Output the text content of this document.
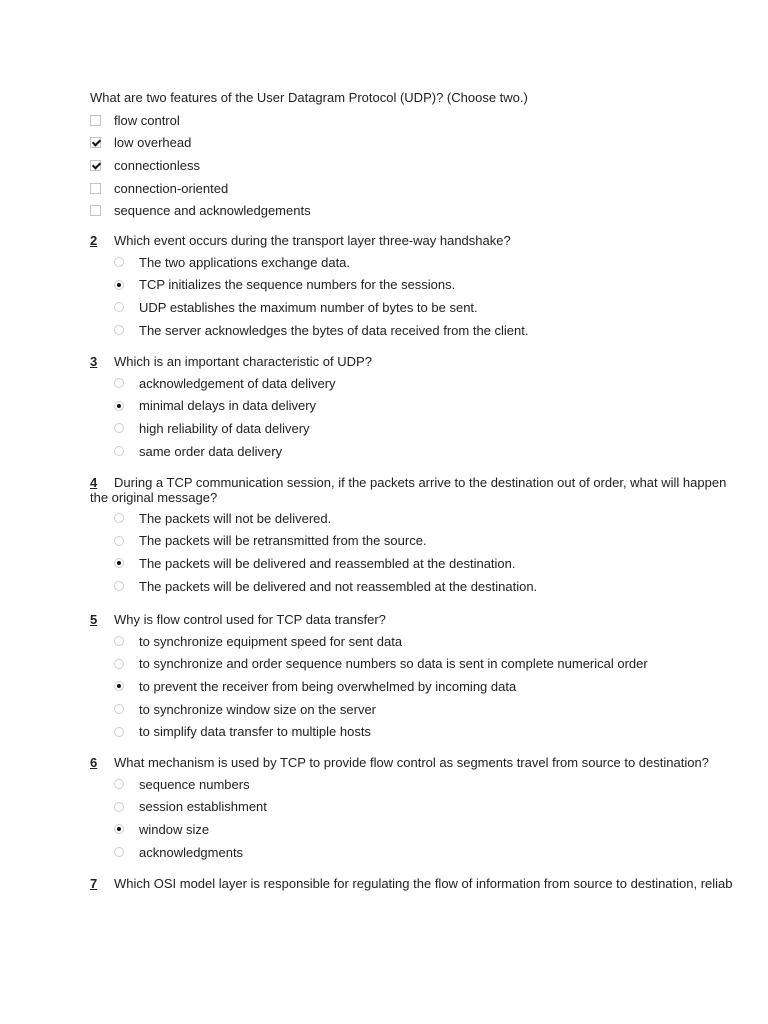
What are two features of the User Datagram Protocol (UDP)? (Choose two.)
flow control
low overhead
connectionless
connection-oriented
sequence and acknowledgements
2	Which event occurs during the transport layer three-way handshake?
The two applications exchange data.
TCP initializes the sequence numbers for the sessions.
UDP establishes the maximum number of bytes to be sent.
The server acknowledges the bytes of data received from the client.
3	Which is an important characteristic of UDP?
acknowledgement of data delivery
minimal delays in data delivery
high reliability of data delivery
same order data delivery
4	During a TCP communication session, if the packets arrive to the destination out of order, what will happen
the original message?
The packets will not be delivered.
The packets will be retransmitted from the source.
The packets will be delivered and reassembled at the destination.
The packets will be delivered and not reassembled at the destination.
5	Why is flow control used for TCP data transfer?
to synchronize equipment speed for sent data
to synchronize and order sequence numbers so data is sent in complete numerical order
to prevent the receiver from being overwhelmed by incoming data
to synchronize window size on the server
to simplify data transfer to multiple hosts
6	What mechanism is used by TCP to provide flow control as segments travel from source to destination?
sequence numbers
session establishment
window size
acknowledgments
7	Which OSI model layer is responsible for regulating the flow of information from source to destination, reliab
